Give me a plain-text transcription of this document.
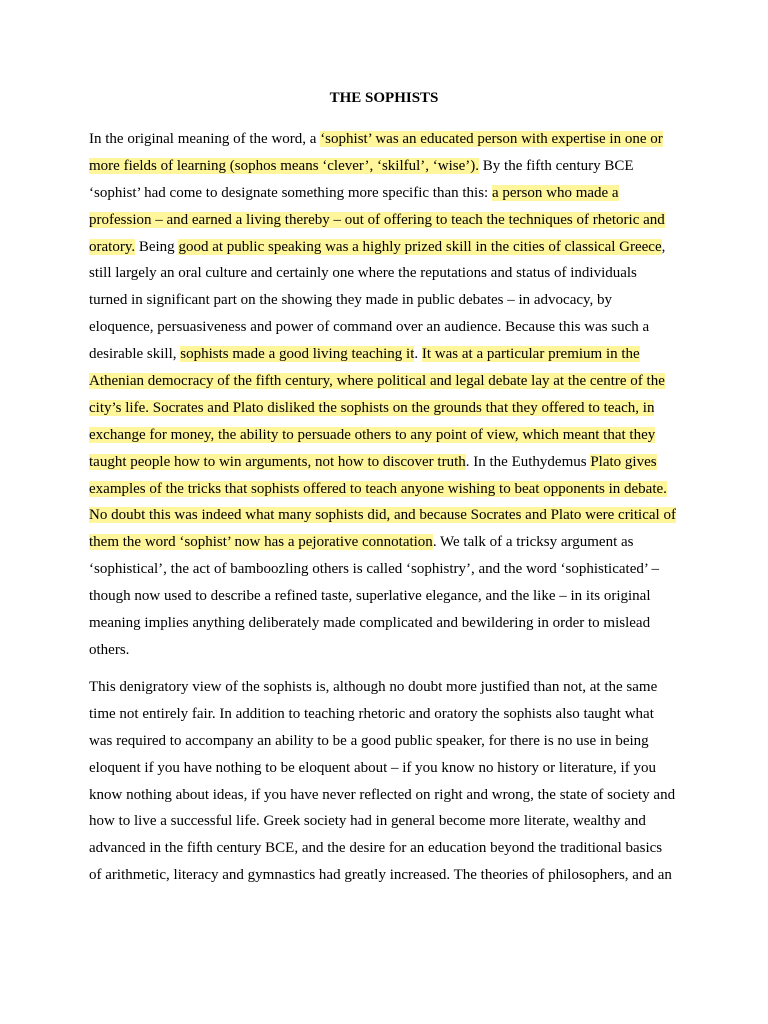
THE SOPHISTS
In the original meaning of the word, a ‘sophist’ was an educated person with expertise in one or
more fields of learning (sophos means ‘clever’, ‘skilful’, ‘wise’). By the fifth century BCE
‘sophist’ had come to designate something more specific than this: a person who made a
profession – and earned a living thereby – out of offering to teach the techniques of rhetoric and
oratory. Being good at public speaking was a highly prized skill in the cities of classical Greece,
still largely an oral culture and certainly one where the reputations and status of individuals
turned in significant part on the showing they made in public debates – in advocacy, by
eloquence, persuasiveness and power of command over an audience. Because this was such a
desirable skill, sophists made a good living teaching it. It was at a particular premium in the
Athenian democracy of the fifth century, where political and legal debate lay at the centre of the
city’s life. Socrates and Plato disliked the sophists on the grounds that they offered to teach, in
exchange for money, the ability to persuade others to any point of view, which meant that they
taught people how to win arguments, not how to discover truth. In the Euthydemus Plato gives
examples of the tricks that sophists offered to teach anyone wishing to beat opponents in debate.
No doubt this was indeed what many sophists did, and because Socrates and Plato were critical of
them the word ‘sophist’ now has a pejorative connotation. We talk of a tricksy argument as
‘sophistical’, the act of bamboozling others is called ‘sophistry’, and the word ‘sophisticated’ –
though now used to describe a refined taste, superlative elegance, and the like – in its original
meaning implies anything deliberately made complicated and bewildering in order to mislead
others.
This denigratory view of the sophists is, although no doubt more justified than not, at the same
time not entirely fair. In addition to teaching rhetoric and oratory the sophists also taught what
was required to accompany an ability to be a good public speaker, for there is no use in being
eloquent if you have nothing to be eloquent about – if you know no history or literature, if you
know nothing about ideas, if you have never reflected on right and wrong, the state of society and
how to live a successful life. Greek society had in general become more literate, wealthy and
advanced in the fifth century BCE, and the desire for an education beyond the traditional basics
of arithmetic, literacy and gymnastics had greatly increased. The theories of philosophers, and an
